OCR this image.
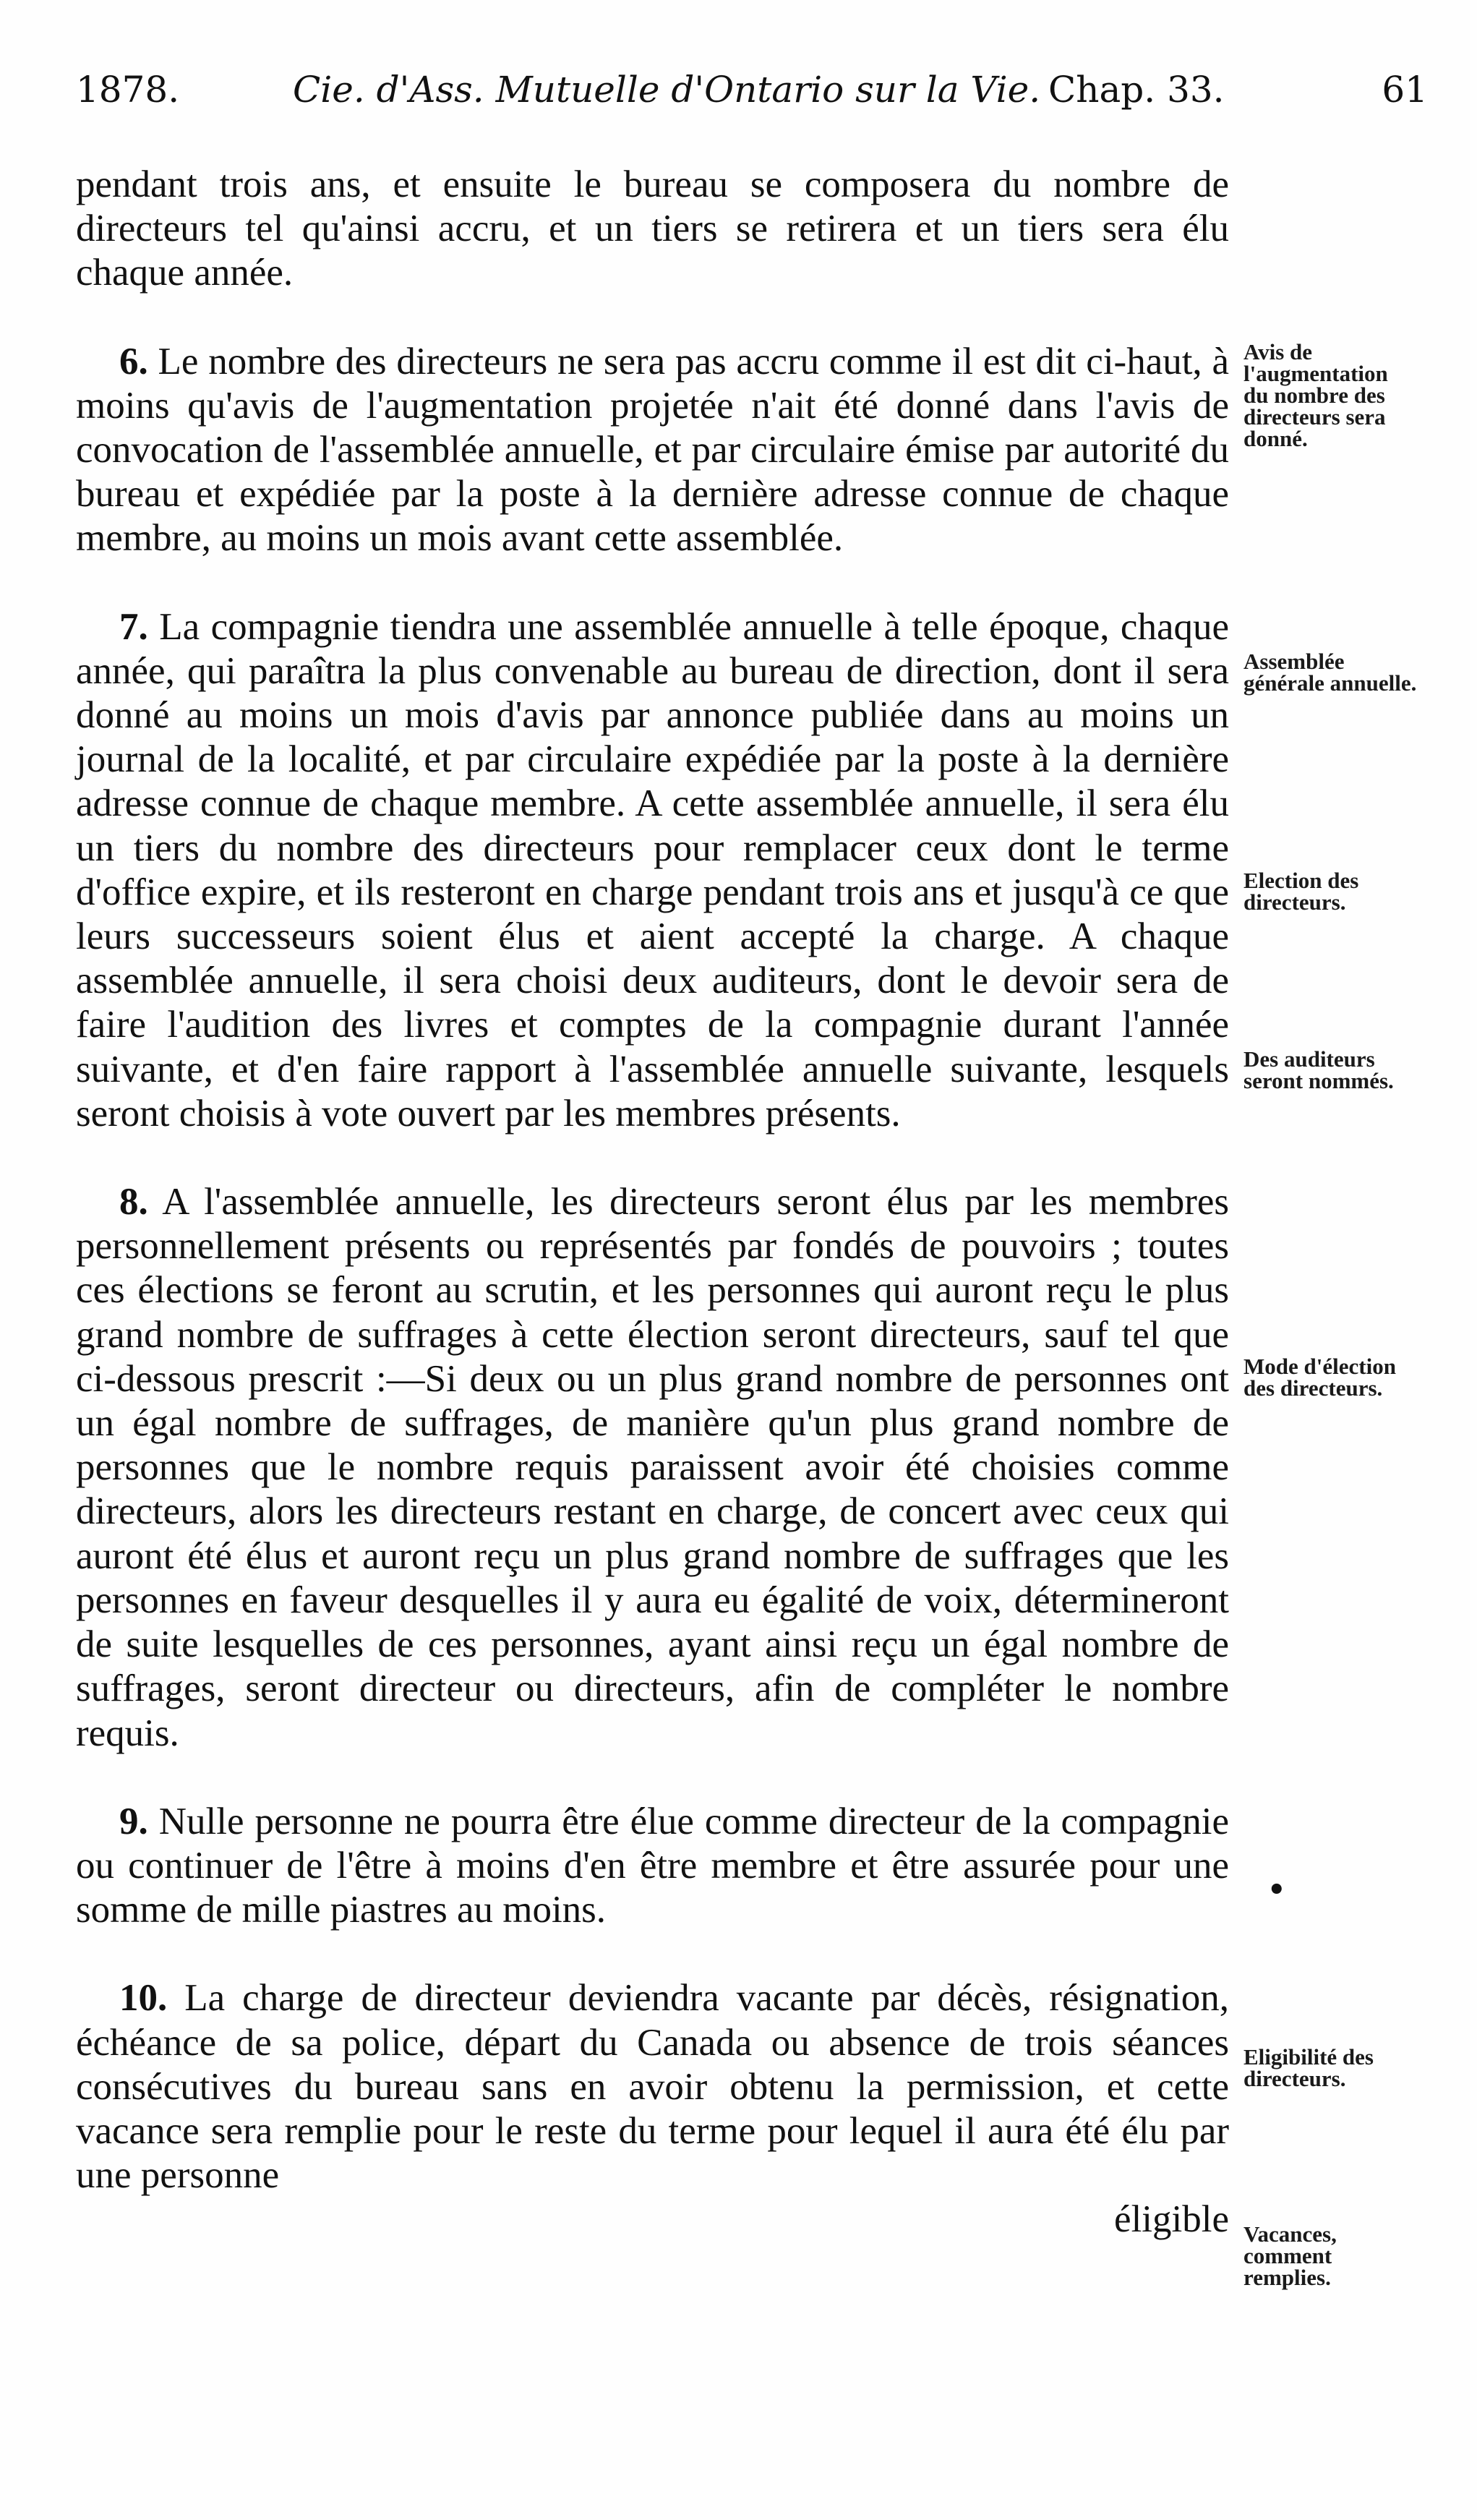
1878.	Cie. d'Ass. Mutuelle d'Ontario sur la Vie. Chap. 33.	61

pendant trois ans, et ensuite le bureau se composera du nombre de directeurs tel qu'ainsi accru, et un tiers se retirera et un tiers sera élu chaque année.

6. Le nombre des directeurs ne sera pas accru comme il est dit ci-haut, à moins qu'avis de l'augmentation projetée n'ait été donné dans l'avis de convocation de l'assemblée annuelle, et par circulaire émise par autorité du bureau et expédiée par la poste à la dernière adresse connue de chaque membre, au moins un mois avant cette assemblée.

7. La compagnie tiendra une assemblée annuelle à telle époque, chaque année, qui paraîtra la plus convenable au bureau de direction, dont il sera donné au moins un mois d'avis par annonce publiée dans au moins un journal de la localité, et par circulaire expédiée par la poste à la dernière adresse connue de chaque membre. A cette assemblée annuelle, il sera élu un tiers du nombre des directeurs pour remplacer ceux dont le terme d'office expire, et ils resteront en charge pendant trois ans et jusqu'à ce que leurs successeurs soient élus et aient accepté la charge. A chaque assemblée annuelle, il sera choisi deux auditeurs, dont le devoir sera de faire l'audition des livres et comptes de la compagnie durant l'année suivante, et d'en faire rapport à l'assemblée annuelle suivante, lesquels seront choisis à vote ouvert par les membres présents.

8. A l'assemblée annuelle, les directeurs seront élus par les membres personnellement présents ou représentés par fondés de pouvoirs ; toutes ces élections se feront au scrutin, et les personnes qui auront reçu le plus grand nombre de suffrages à cette élection seront directeurs, sauf tel que ci-dessous prescrit :—Si deux ou un plus grand nombre de personnes ont un égal nombre de suffrages, de manière qu'un plus grand nombre de personnes que le nombre requis paraissent avoir été choisies comme directeurs, alors les directeurs restant en charge, de concert avec ceux qui auront été élus et auront reçu un plus grand nombre de suffrages que les personnes en faveur desquelles il y aura eu égalité de voix, détermineront de suite lesquelles de ces personnes, ayant ainsi reçu un égal nombre de suffrages, seront directeur ou directeurs, afin de compléter le nombre requis.

9. Nulle personne ne pourra être élue comme directeur de la compagnie ou continuer de l'être à moins d'en être membre et être assurée pour une somme de mille piastres au moins.

10. La charge de directeur deviendra vacante par décès, résignation, échéance de sa police, départ du Canada ou absence de trois séances consécutives du bureau sans en avoir obtenu la permission, et cette vacance sera remplie pour le reste du terme pour lequel il aura été élu par une personne

éligible

Avis de l'augmentation du nombre des directeurs sera donné.
Assemblée générale annuelle.
Election des directeurs.
Des auditeurs seront nommés.
Mode d'élection des directeurs.
Eligibilité des directeurs.
Vacances, comment remplies.
•
